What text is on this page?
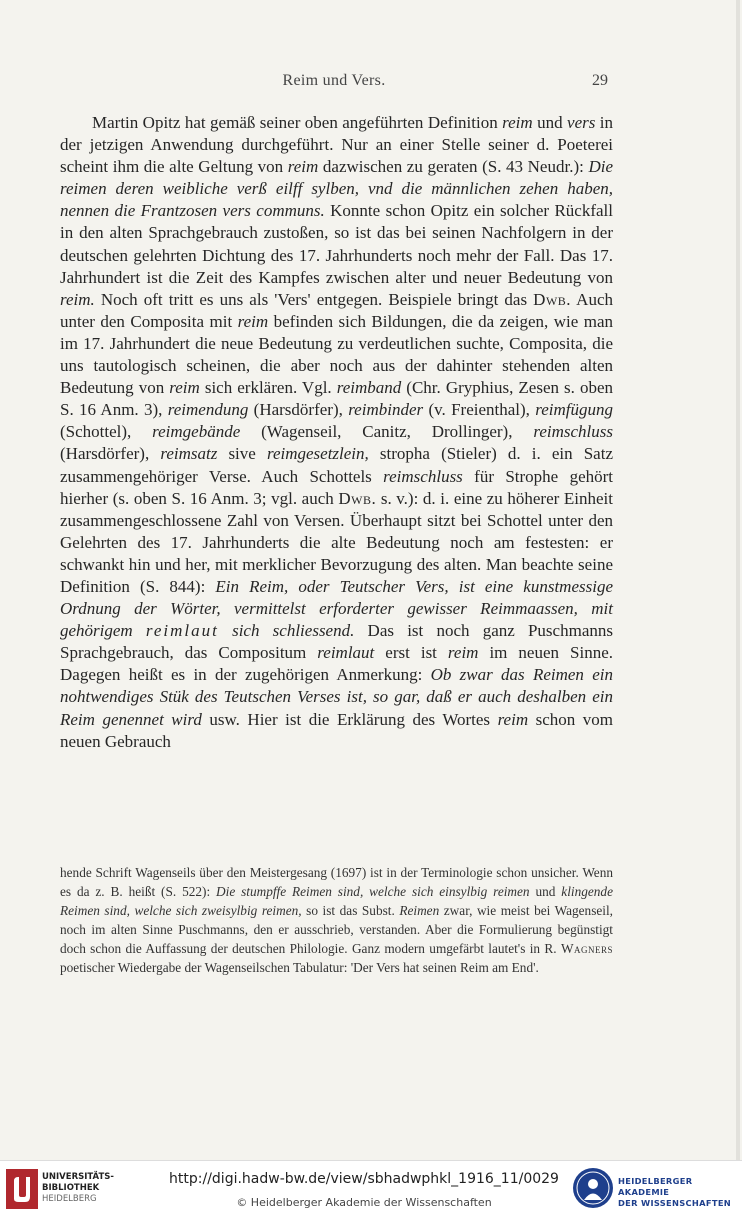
Reim und Vers.	29

Martin Opitz hat gemäß seiner oben angeführten Definition reim und vers in der jetzigen Anwendung durchgeführt. Nur an einer Stelle seiner d. Poeterei scheint ihm die alte Geltung von reim dazwischen zu geraten (S. 43 Neudr.): Die reimen deren weibliche verß eilff sylben, vnd die männlichen zehen haben, nennen die Frantzosen vers communs. Konnte schon Opitz ein solcher Rückfall in den alten Sprachgebrauch zustoßen, so ist das bei seinen Nachfolgern in der deutschen gelehrten Dichtung des 17. Jahrhunderts noch mehr der Fall. Das 17. Jahrhundert ist die Zeit des Kampfes zwischen alter und neuer Bedeutung von reim. Noch oft tritt es uns als 'Vers' entgegen. Beispiele bringt das Dwb. Auch unter den Composita mit reim befinden sich Bildungen, die da zeigen, wie man im 17. Jahrhundert die neue Bedeutung zu verdeutlichen suchte, Composita, die uns tautologisch scheinen, die aber noch aus der dahinter stehenden alten Bedeutung von reim sich erklären. Vgl. reimband (Chr. Gryphius, Zesen s. oben S. 16 Anm. 3), reimendung (Harsdörfer), reimbinder (v. Freienthal), reimfügung (Schottel), reimgebände (Wagenseil, Canitz, Drollinger), reimschluss (Harsdörfer), reimsatz sive reimgesetzlein, stropha (Stieler) d. i. ein Satz zusammengehöriger Verse. Auch Schottels reimschluss für Strophe gehört hierher (s. oben S. 16 Anm. 3; vgl. auch Dwb. s. v.): d. i. eine zu höherer Einheit zusammengeschlossene Zahl von Versen. Überhaupt sitzt bei Schottel unter den Gelehrten des 17. Jahrhunderts die alte Bedeutung noch am festesten: er schwankt hin und her, mit merklicher Bevorzugung des alten. Man beachte seine Definition (S. 844): Ein Reim, oder Teutscher Vers, ist eine kunstmessige Ordnung der Wörter, vermittelst erforderter gewisser Reimmaassen, mit gehörigem reimlaut sich schliessend. Das ist noch ganz Puschmanns Sprachgebrauch, das Compositum reimlaut erst ist reim im neuen Sinne. Dagegen heißt es in der zugehörigen Anmerkung: Ob zwar das Reimen ein nohtwendiges Stük des Teutschen Verses ist, so gar, daß er auch deshalben ein Reim genennet wird usw. Hier ist die Erklärung des Wortes reim schon vom neuen Gebrauch

hende Schrift Wagenseils über den Meistergesang (1697) ist in der Terminologie schon unsicher. Wenn es da z. B. heißt (S. 522): Die stumpffe Reimen sind, welche sich einsylbig reimen und klingende Reimen sind, welche sich zweisylbig reimen, so ist das Subst. Reimen zwar, wie meist bei Wagenseil, noch im alten Sinne Puschmanns, den er ausschrieb, verstanden. Aber die Formulierung begünstigt doch schon die Auffassung der deutschen Philologie. Ganz modern umgefärbt lautet's in R. Wagners poetischer Wiedergabe der Wagenseilschen Tabulatur: 'Der Vers hat seinen Reim am End'.

UNIVERSITÄTS-
BIBLIOTHEK
HEIDELBERG
http://digi.hadw-bw.de/view/sbhadwphkl_1916_11/0029
© Heidelberger Akademie der Wissenschaften
HEIDELBERGER AKADEMIE
DER WISSENSCHAFTEN
